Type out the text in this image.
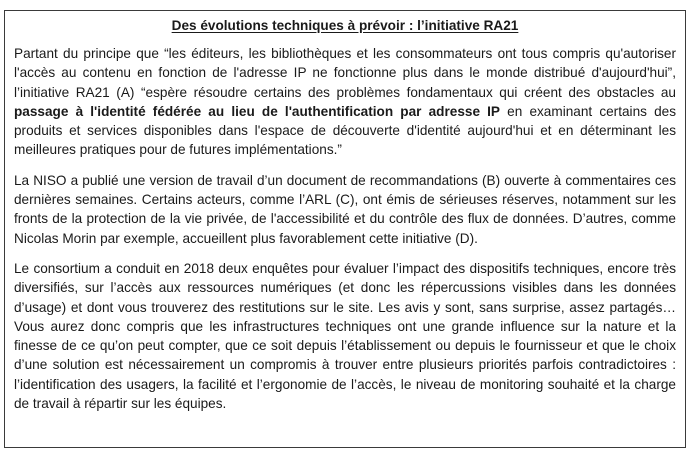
Des évolutions techniques à prévoir : l’initiative RA21

Partant du principe que “les éditeurs, les bibliothèques et les consommateurs ont tous compris qu'autoriser l'accès au contenu en fonction de l'adresse IP ne fonctionne plus dans le monde distribué d'aujourd'hui”, l’initiative RA21 (A) “espère résoudre certains des problèmes fondamentaux qui créent des obstacles au passage à l'identité fédérée au lieu de l'authentification par adresse IP en examinant certains des produits et services disponibles dans l'espace de découverte d'identité aujourd'hui et en déterminant les meilleures pratiques pour de futures implémentations.”

La NISO a publié une version de travail d’un document de recommandations (B) ouverte à commentaires ces dernières semaines. Certains acteurs, comme l’ARL (C), ont émis de sérieuses réserves, notamment sur les fronts de la protection de la vie privée, de l'accessibilité et du contrôle des flux de données. D’autres, comme Nicolas Morin par exemple, accueillent plus favorablement cette initiative (D).

Le consortium a conduit en 2018 deux enquêtes pour évaluer l’impact des dispositifs techniques, encore très diversifiés, sur l’accès aux ressources numériques (et donc les répercussions visibles dans les données d’usage) et dont vous trouverez des restitutions sur le site. Les avis y sont, sans surprise, assez partagés… Vous aurez donc compris que les infrastructures techniques ont une grande influence sur la nature et la finesse de ce qu’on peut compter, que ce soit depuis l’établissement ou depuis le fournisseur et que le choix d’une solution est nécessairement un compromis à trouver entre plusieurs priorités parfois contradictoires : l’identification des usagers, la facilité et l’ergonomie de l’accès, le niveau de monitoring souhaité et la charge de travail à répartir sur les équipes.
